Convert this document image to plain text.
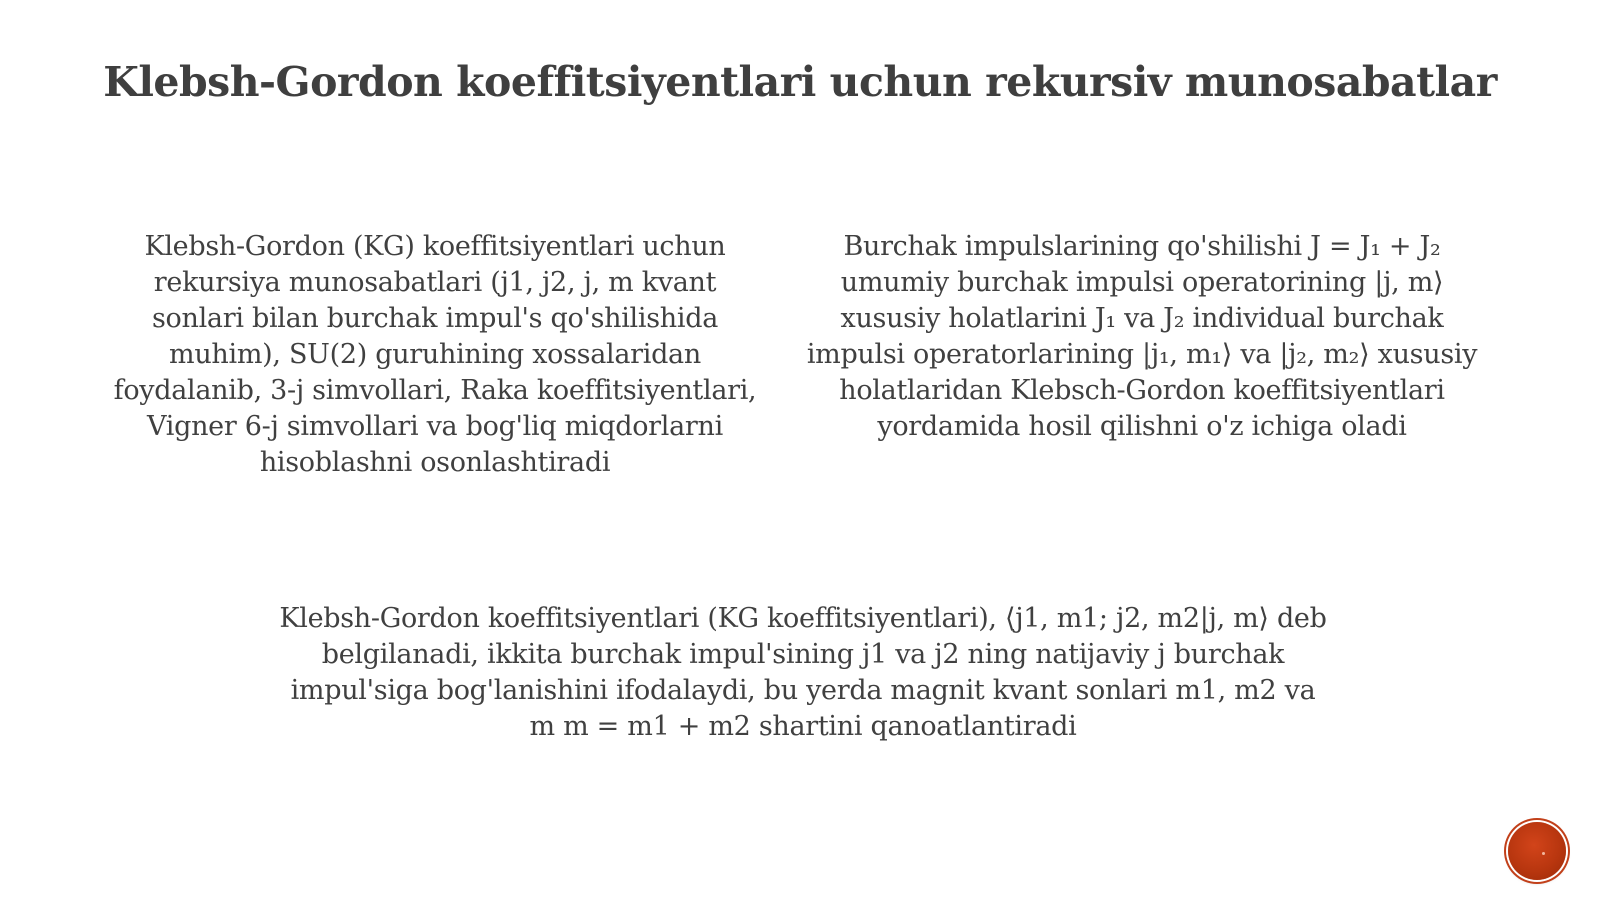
Klebsh-Gordon koeffitsiyentlari uchun rekursiv munosabatlar

Klebsh-Gordon (KG) koeffitsiyentlari uchun rekursiya munosabatlari (j1, j2, j, m kvant sonlari bilan burchak impul's qo'shilishida muhim), SU(2) guruhining xossalaridan foydalanib, 3-j simvollari, Raka koeffitsiyentlari, Vigner 6-j simvollari va bog'liq miqdorlarni hisoblashni osonlashtiradi

Burchak impulslarining qo'shilishi J = J₁ + J₂ umumiy burchak impulsi operatorining |j, m⟩ xususiy holatlarini J₁ va J₂ individual burchak impulsi operatorlarining |j₁, m₁⟩ va |j₂, m₂⟩ xususiy holatlaridan Klebsch-Gordon koeffitsiyentlari yordamida hosil qilishni o'z ichiga oladi

Klebsh-Gordon koeffitsiyentlari (KG koeffitsiyentlari), ⟨j1, m1; j2, m2|j, m⟩ deb belgilanadi, ikkita burchak impul'sining j1 va j2 ning natijaviy j burchak impul'siga bog'lanishini ifodalaydi, bu yerda magnit kvant sonlari m1, m2 va m m = m1 + m2 shartini qanoatlantiradi
